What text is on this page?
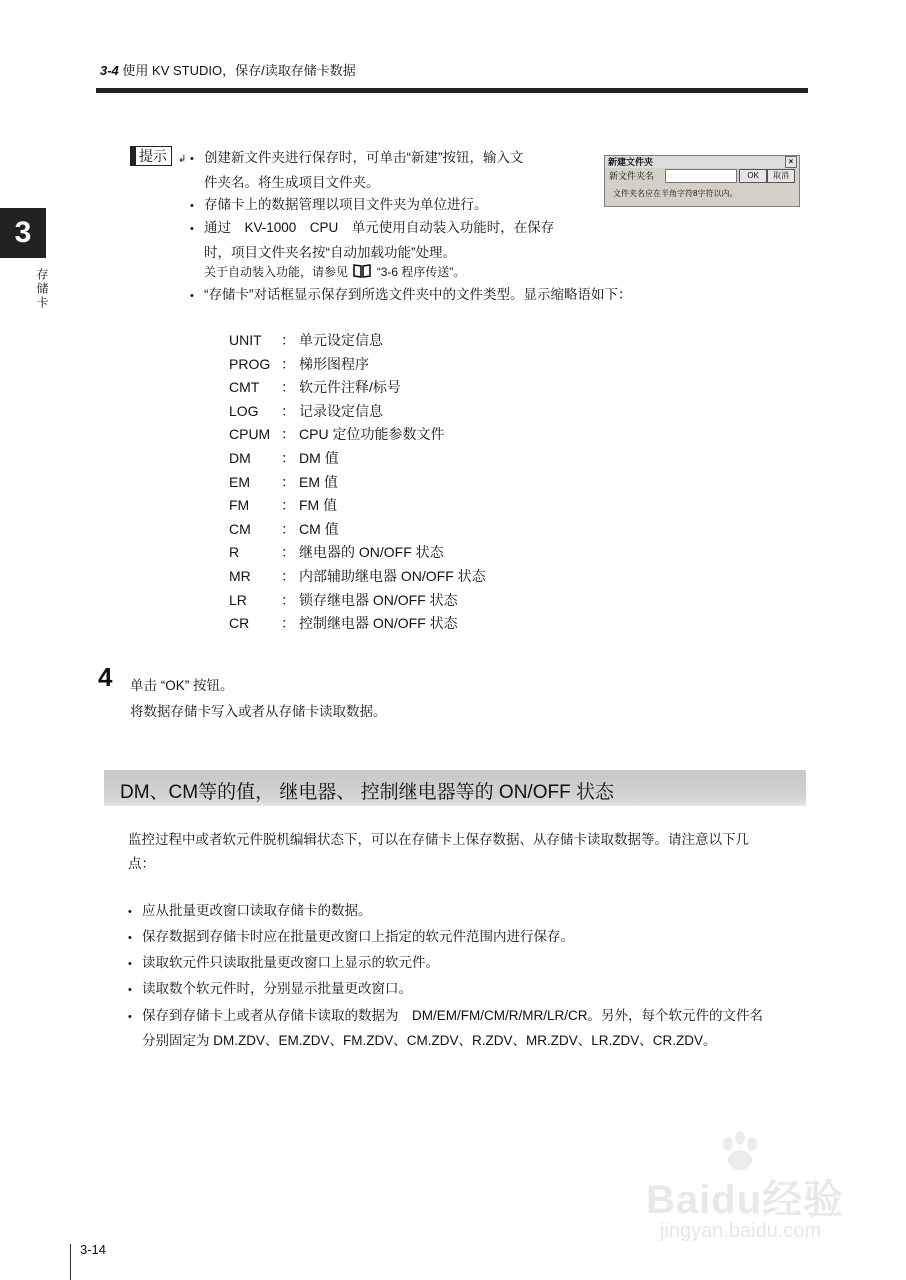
3-4 使用 KV STUDIO，保存/读取存储卡数据
3
存储卡
提示	↲ • 创建新文件夹进行保存时，可单击“新建”按钮，输入文
件夹名。将生成项目文件夹。
• 存储卡上的数据管理以项目文件夹为单位进行。
• 通过　KV-1000　CPU　单元使用自动装入功能时，在保存
时，项目文件夹名按“自动加载功能”处理。
关于自动装入功能，请参见 “3-6 程序传送”。
• “存储卡”对话框显示保存到所选文件夹中的文件类型。显示缩略语如下：
新建文件夹	×
新文件夹名	OK	取消
文件夹名应在半角字符8字符以内。
UNIT ： 单元设定信息
PROG ： 梯形图程序
CMT ： 软元件注释/标号
LOG ： 记录设定信息
CPUM ： CPU 定位功能参数文件
DM ： DM 值
EM ： EM 值
FM ： FM 值
CM ： CM 值
R	： 继电器的 ON/OFF 状态
MR ： 内部辅助继电器 ON/OFF 状态
LR ： 锁存继电器 ON/OFF 状态
CR ： 控制继电器 ON/OFF 状态
4 单击 “OK” 按钮。
将数据存储卡写入或者从存储卡读取数据。
DM、CM等的值， 继电器、 控制继电器等的 ON/OFF 状态
监控过程中或者软元件脱机编辑状态下，可以在存储卡上保存数据、从存储卡读取数据等。请注意以下几
点：
• 应从批量更改窗口读取存储卡的数据。
• 保存数据到存储卡时应在批量更改窗口上指定的软元件范围内进行保存。
• 读取软元件只读取批量更改窗口上显示的软元件。
• 读取数个软元件时，分别显示批量更改窗口。
• 保存到存储卡上或者从存储卡读取的数据为　DM/EM/FM/CM/R/MR/LR/CR。另外，每个软元件的文件名
分别固定为 DM.ZDV、EM.ZDV、FM.ZDV、CM.ZDV、R.ZDV、MR.ZDV、LR.ZDV、CR.ZDV。
3-14
Baidu经验
jingyan.baidu.com
